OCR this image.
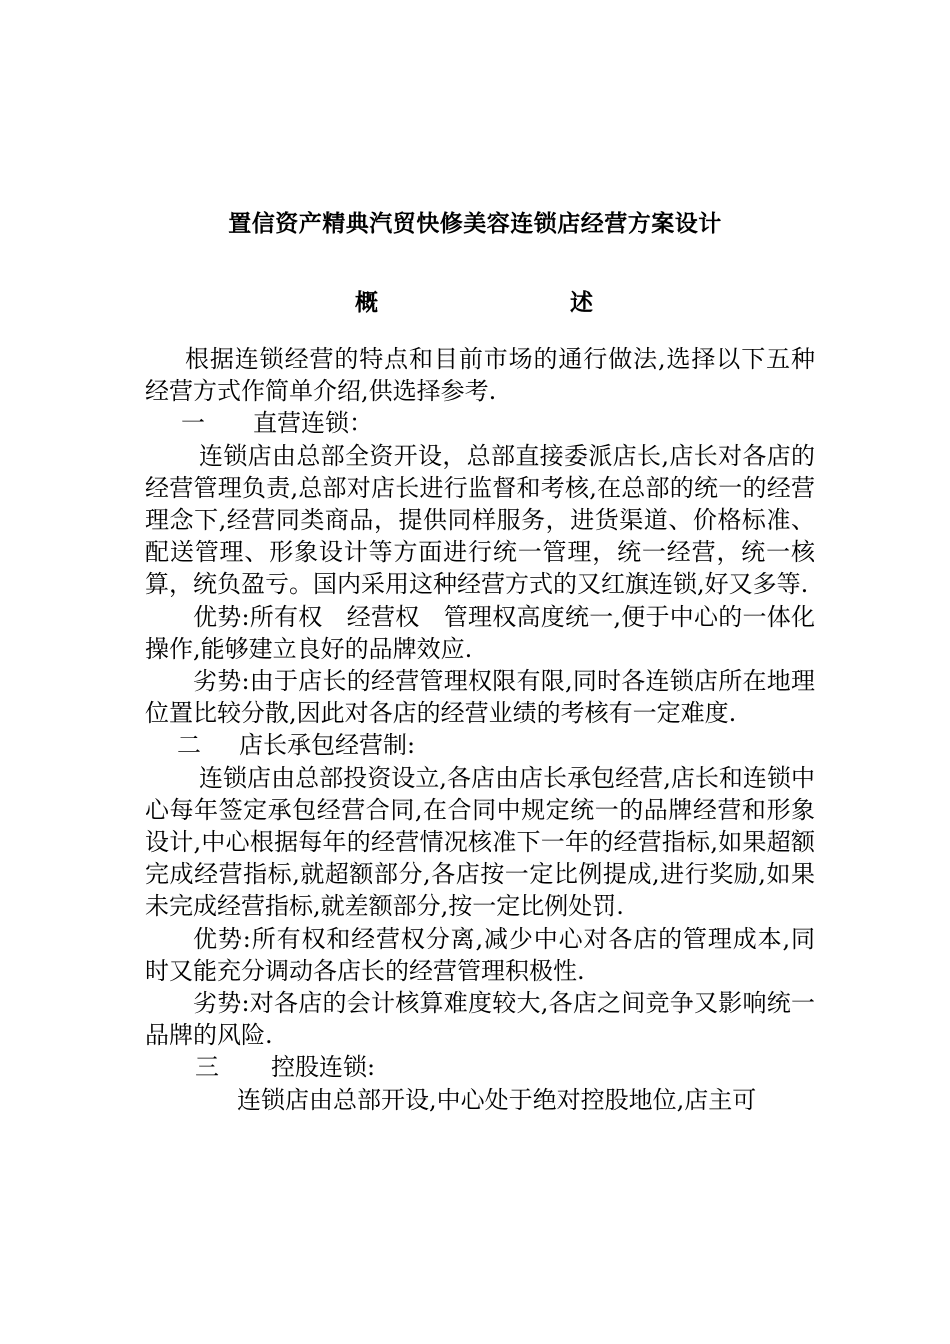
置信资产精典汽贸快修美容连锁店经营方案设计
概	述

根据连锁经营的特点和目前市场的通行做法,选择以下五种经营方式作简单介绍,供选择参考.

一 直营连锁：

连锁店由总部全资开设，总部直接委派店长,店长对各店的经营管理负责,总部对店长进行监督和考核,在总部的统一的经营理念下,经营同类商品，提供同样服务，进货渠道、价格标准、配送管理、形象设计等方面进行统一管理，统一经营，统一核算，统负盈亏。国内采用这种经营方式的又红旗连锁,好又多等.

优势:所有权　经营权　管理权高度统一,便于中心的一体化操作,能够建立良好的品牌效应.

劣势:由于店长的经营管理权限有限,同时各连锁店所在地理位置比较分散,因此对各店的经营业绩的考核有一定难度.

二 店长承包经营制:

连锁店由总部投资设立,各店由店长承包经营,店长和连锁中心每年签定承包经营合同,在合同中规定统一的品牌经营和形象设计,中心根据每年的经营情况核准下一年的经营指标,如果超额完成经营指标,就超额部分,各店按一定比例提成,进行奖励,如果未完成经营指标,就差额部分,按一定比例处罚.

优势:所有权和经营权分离,减少中心对各店的管理成本,同时又能充分调动各店长的经营管理积极性.

劣势:对各店的会计核算难度较大,各店之间竞争又影响统一品牌的风险.

三 控股连锁:

连锁店由总部开设,中心处于绝对控股地位,店主可
